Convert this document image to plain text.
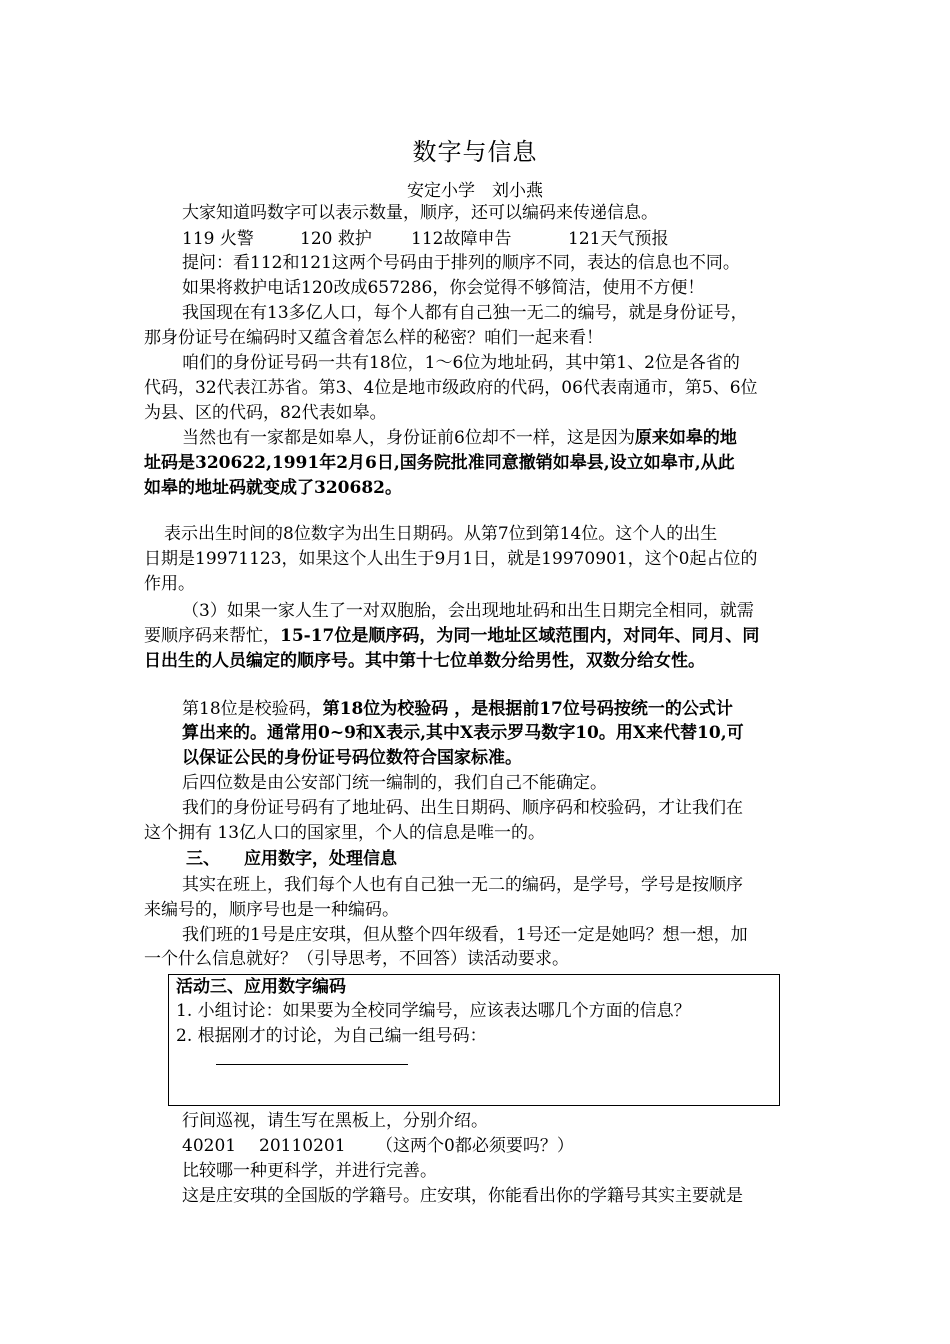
数字与信息
安定小学　刘小燕
大家知道吗数字可以表示数量，顺序，还可以编码来传递信息。
119 火警	120 救护 112故障申告	121天气预报
提问：看112和121这两个号码由于排列的顺序不同，表达的信息也不同。
如果将救护电话120改成657286，你会觉得不够简洁，使用不方便！
我国现在有13多亿人口，每个人都有自己独一无二的编号，就是身份证号，
那身份证号在编码时又蕴含着怎么样的秘密？咱们一起来看！
咱们的身份证号码一共有18位，1～6位为地址码，其中第1、2位是各省的
代码，32代表江苏省。第3、4位是地市级政府的代码，06代表南通市，第5、6位
为县、区的代码，82代表如皋。
当然也有一家都是如皋人，身份证前6位却不一样，这是因为原来如皋的地
址码是320622,1991年2月6日,国务院批准同意撤销如皋县,设立如皋市,从此
如皋的地址码就变成了320682。
表示出生时间的8位数字为出生日期码。从第7位到第14位。这个人的出生
日期是19971123，如果这个人出生于9月1日，就是19970901，这个0起占位的
作用。
（3）如果一家人生了一对双胞胎，会出现地址码和出生日期完全相同，就需
要顺序码来帮忙，15-17位是顺序码，为同一地址区域范围内，对同年、同月、同
日出生的人员编定的顺序号。其中第十七位单数分给男性，双数分给女性。
第18位是校验码，第18位为校验码 ，是根据前17位号码按统一的公式计
算出来的。通常用0~9和X表示,其中X表示罗马数字10。用X来代替10,可
以保证公民的身份证号码位数符合国家标准。
后四位数是由公安部门统一编制的，我们自己不能确定。
我们的身份证号码有了地址码、出生日期码、顺序码和校验码，才让我们在
这个拥有 13亿人口的国家里，个人的信息是唯一的。
三、 应用数字，处理信息
其实在班上，我们每个人也有自己独一无二的编码，是学号，学号是按顺序
来编号的，顺序号也是一种编码。
我们班的1号是庄安琪，但从整个四年级看，1号还一定是她吗？想一想，加
一个什么信息就好？（引导思考，不回答）读活动要求。
活动三、应用数字编码
1. 小组讨论：如果要为全校同学编号，应该表达哪几个方面的信息？
2. 根据刚才的讨论，为自己编一组号码：
行间巡视，请生写在黑板上，分别介绍。
40201 20110201 （这两个0都必须要吗？）
比较哪一种更科学，并进行完善。
这是庄安琪的全国版的学籍号。庄安琪，你能看出你的学籍号其实主要就是
